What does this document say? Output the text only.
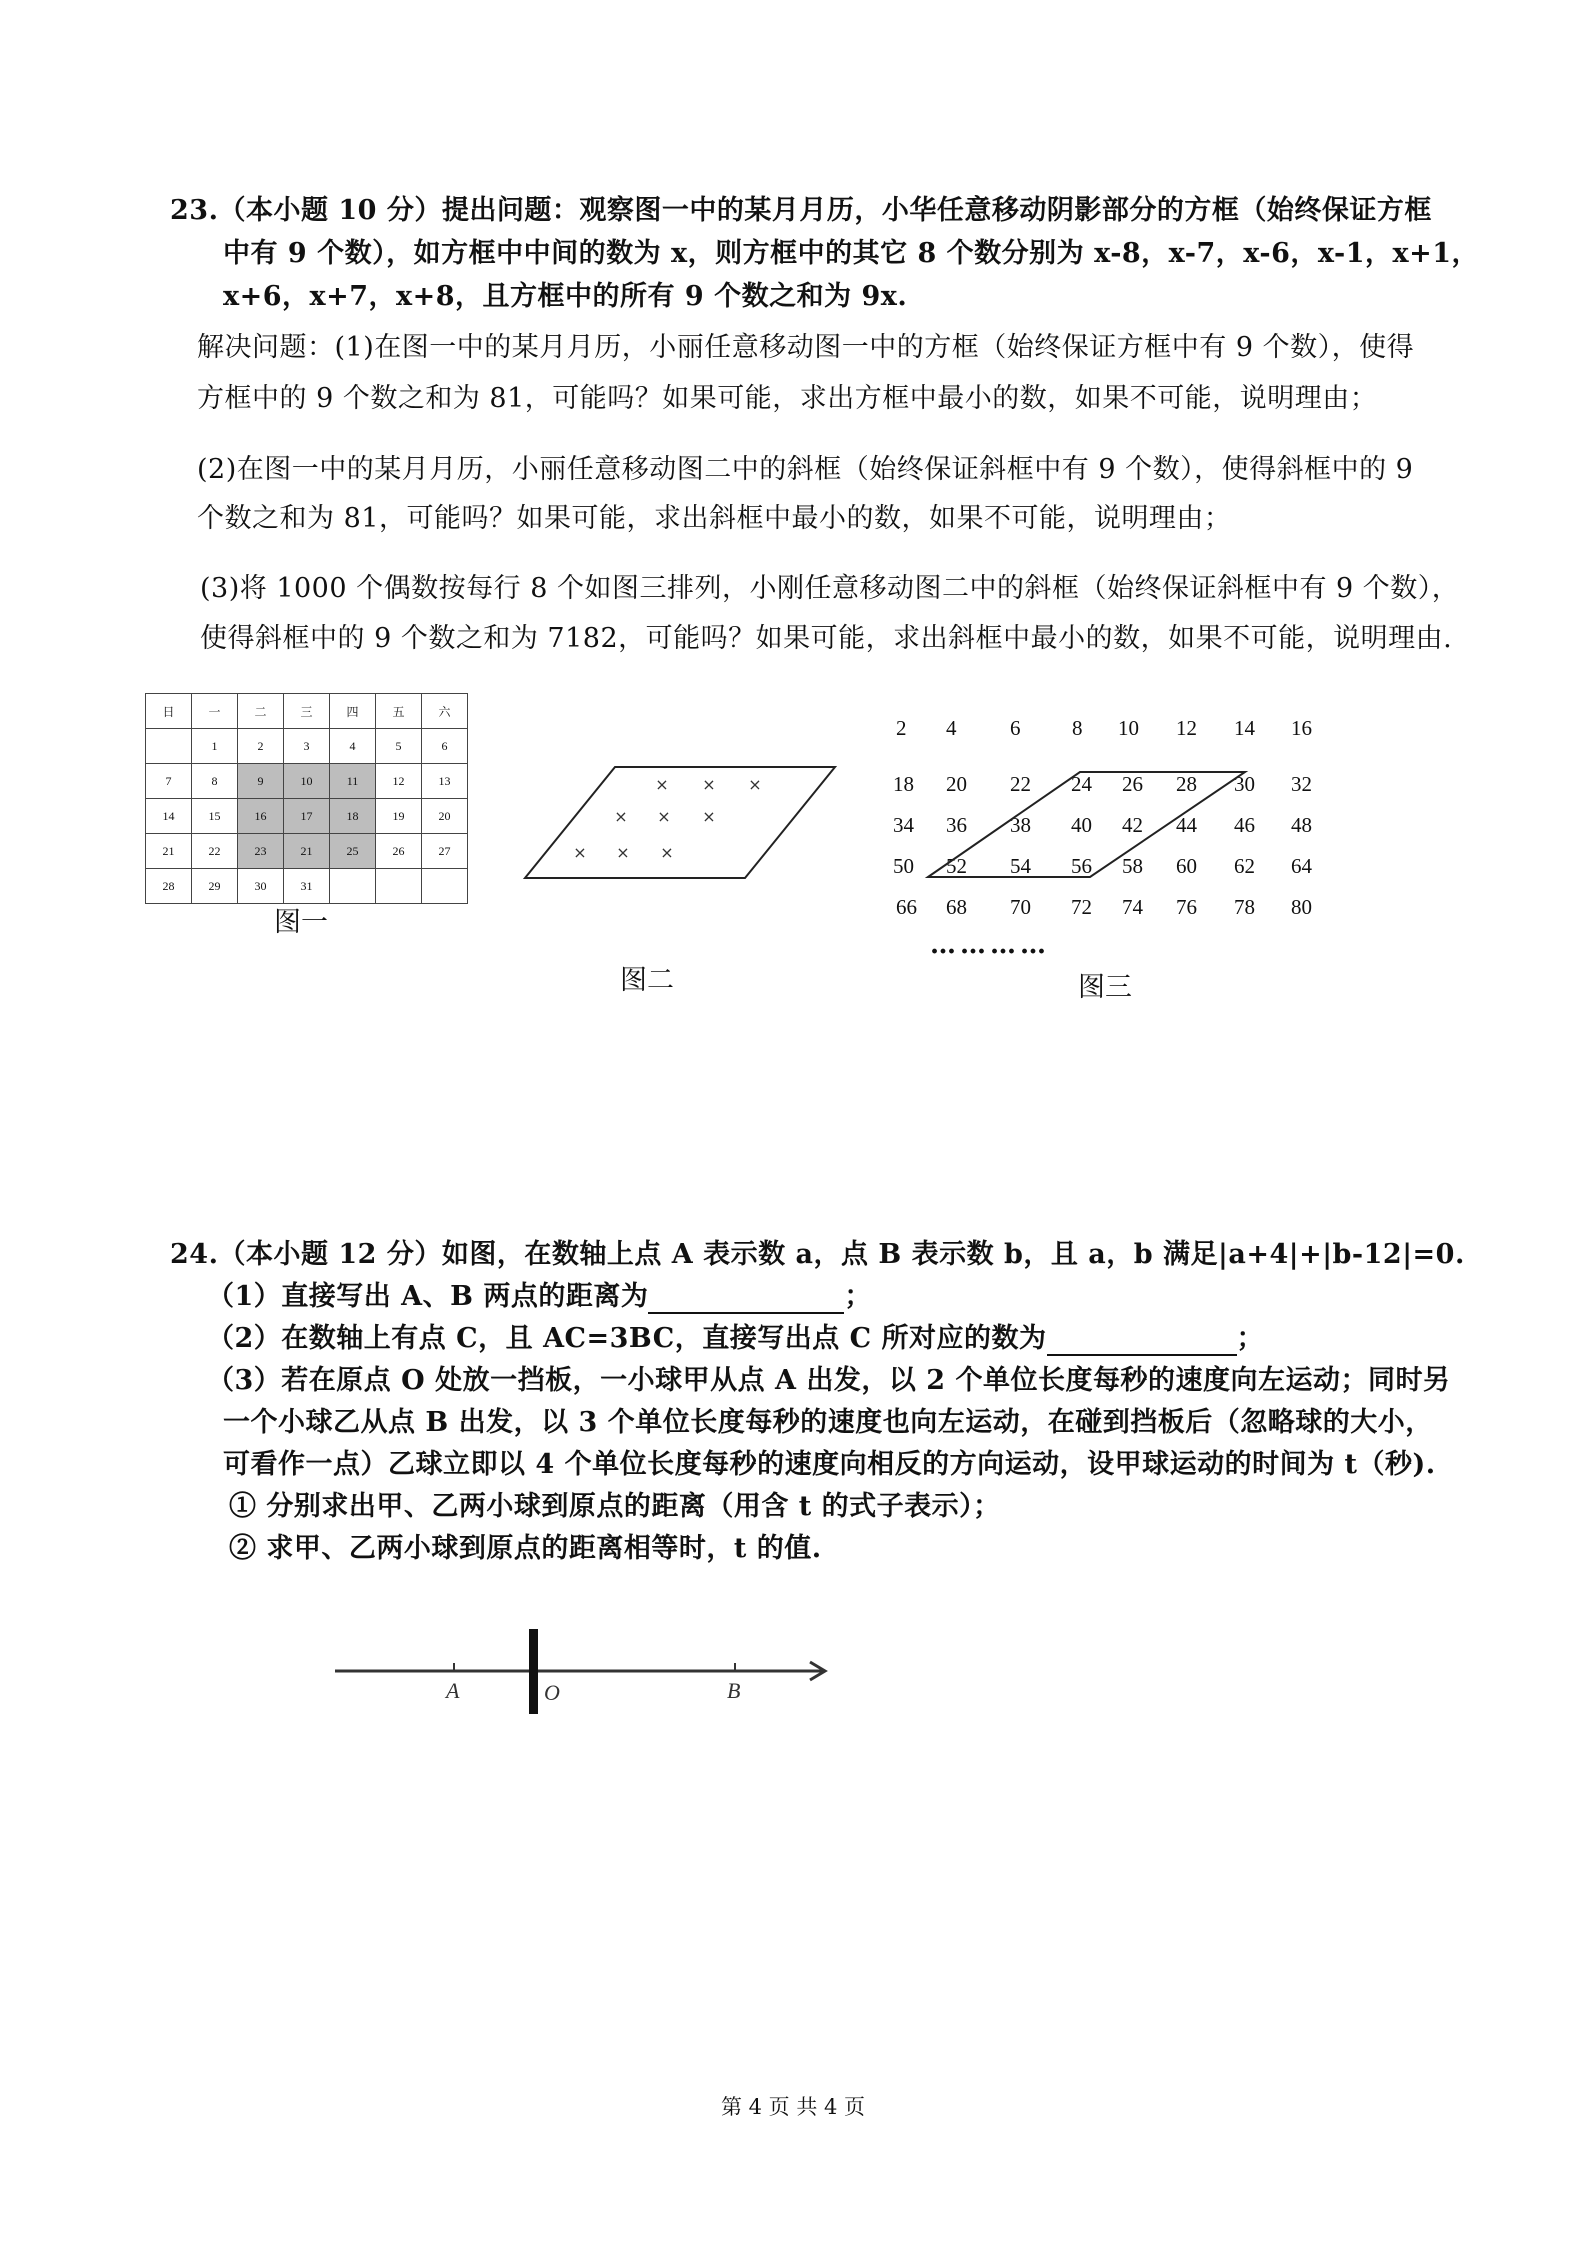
23.（本小题 10 分）提出问题：观察图一中的某月月历，小华任意移动阴影部分的方框（始终保证方框
中有 9 个数），如方框中中间的数为 x，则方框中的其它 8 个数分别为 x-8，x-7，x-6，x-1，x+1，
x+6，x+7，x+8，且方框中的所有 9 个数之和为 9x.
解决问题：(1)在图一中的某月月历，小丽任意移动图一中的方框（始终保证方框中有 9 个数），使得
方框中的 9 个数之和为 81，可能吗？如果可能，求出方框中最小的数，如果不可能，说明理由；
(2)在图一中的某月月历，小丽任意移动图二中的斜框（始终保证斜框中有 9 个数），使得斜框中的 9
个数之和为 81，可能吗？如果可能，求出斜框中最小的数，如果不可能，说明理由；
(3)将 1000 个偶数按每行 8 个如图三排列，小刚任意移动图二中的斜框（始终保证斜框中有 9 个数），
使得斜框中的 9 个数之和为 7182，可能吗？如果可能，求出斜框中最小的数，如果不可能，说明理由.
日	一	二	三	四	五	六
	1	2	3	4	5	6
7	8	9	10	11	12	13
14	15	16	17	18	19	20
21	22	23	21	25	26	27
28	29	30	31			
图一
× × ×
× × ×
× × ×
图二
2 4	6 8 10 12 14 16
18 20 22 24 26 28 30 32
34 36 38 40 42 44 46 48
50 52 54 56 58 60 62 64
66 68 70 72 74 76 78 80
…………
图三
24.（本小题 12 分）如图，在数轴上点 A 表示数 a，点 B 表示数 b，且 a，b 满足|a+4|+|b-12|=0.
（1）直接写出 A、B 两点的距离为	；
（2）在数轴上有点 C，且 AC=3BC，直接写出点 C 所对应的数为	；
（3）若在原点 O 处放一挡板，一小球甲从点 A 出发，以 2 个单位长度每秒的速度向左运动；同时另
一个小球乙从点 B 出发，以 3 个单位长度每秒的速度也向左运动，在碰到挡板后（忽略球的大小，
可看作一点）乙球立即以 4 个单位长度每秒的速度向相反的方向运动，设甲球运动的时间为 t（秒).
① 分别求出甲、乙两小球到原点的距离（用含 t 的式子表示）；
② 求甲、乙两小球到原点的距离相等时，t 的值.
A	O	B
第 4 页 共 4 页
